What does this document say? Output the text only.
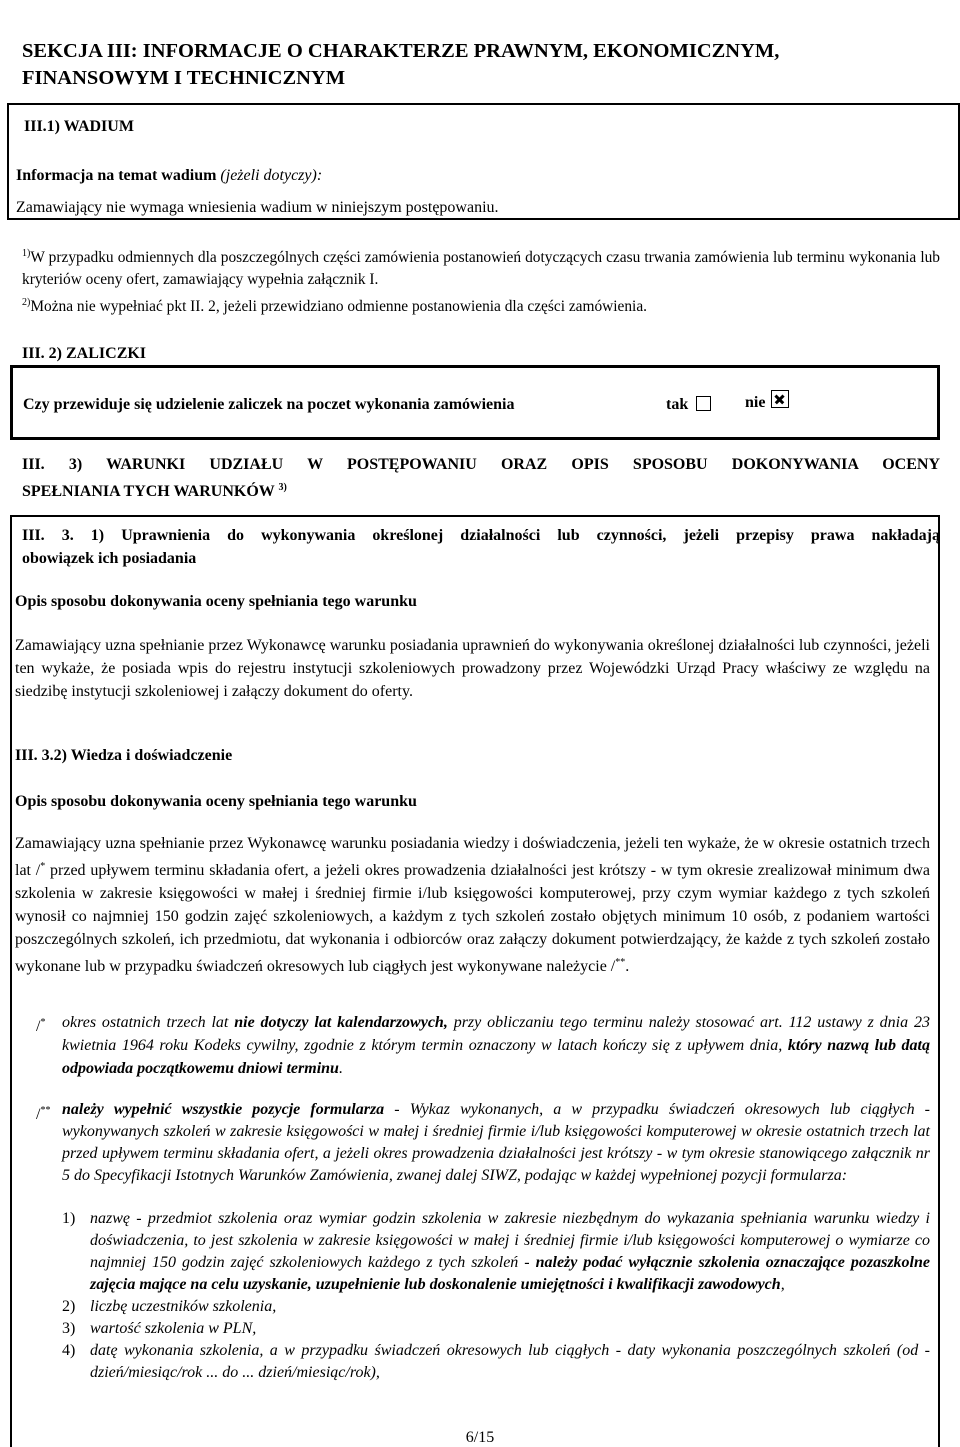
SEKCJA III: INFORMACJE O CHARAKTERZE PRAWNYM, EKONOMICZNYM,
FINANSOWYM I TECHNICZNYM
III.1) WADIUM
Informacja na temat wadium (jeżeli dotyczy):
Zamawiający nie wymaga wniesienia wadium w niniejszym postępowaniu.
$^{1)}$W przypadku odmiennych dla poszczególnych części zamówienia postanowień dotyczących czasu trwania zamówienia lub terminu wykonania lub kryteriów oceny ofert, zamawiający wypełnia załącznik I.
$^{2)}$Można nie wypełniać pkt II. 2, jeżeli przewidziano odmienne postanowienia dla części zamówienia.
III. 2) ZALICZKI
Czy przewiduje się udzielenie zaliczek na poczet wykonania zamówienia	tak	nie
III. 3) WARUNKI UDZIAŁU W POSTĘPOWANIU ORAZ OPIS SPOSOBU DOKONYWANIA OCENY
SPEŁNIANIA TYCH WARUNKÓW $^{3)}$
III. 3. 1) Uprawnienia do wykonywania określonej działalności lub czynności, jeżeli przepisy prawa nakładają
obowiązek ich posiadania
Opis sposobu dokonywania oceny spełniania tego warunku
Zamawiający uznа spełnianie przez Wykonawcę warunku posiadania uprawnień do wykonywania określonej działalności lub czynności, jeżeli ten wykaże, że posiada wpis do rejestru instytucji szkoleniowych prowadzony przez Wojewódzki Urząd Pracy właściwy ze względu na siedzibę instytucji szkoleniowej i załączy dokument do oferty.
III. 3.2) Wiedza i doświadczenie
Opis sposobu dokonywania oceny spełniania tego warunku
Zamawiający uzna spełnianie przez Wykonawcę warunku posiadania wiedzy i doświadczenia, jeżeli ten wykaże, że w okresie ostatnich trzech lat /* przed upływem terminu składania ofert, a jeżeli okres prowadzenia działalności jest krótszy - w tym okresie zrealizował minimum dwa szkolenia w zakresie księgowości w małej i średniej firmie i/lub księgowości komputerowej, przy czym wymiar każdego z tych szkoleń wynosił co najmniej 150 godzin zajęć szkoleniowych, a każdym z tych szkoleń zostało objętych minimum 10 osób, z podaniem wartości poszczególnych szkoleń, ich przedmiotu, dat wykonania i odbiorców oraz załączy dokument potwierdzający, że każde z tych szkoleń zostało wykonane lub w przypadku świadczeń okresowych lub ciągłych jest wykonywane należycie /**.
/* okres ostatnich trzech lat nie dotyczy lat kalendarzowych, przy obliczaniu tego terminu należy stosować art. 112 ustawy z dnia 23 kwietnia 1964 roku Kodeks cywilny, zgodnie z którym termin oznaczony w latach kończy się z upływem dnia, który nazwą lub datą odpowiada początkowemu dniowi terminu.
/** należy wypełnić wszystkie pozycje formularza - Wykaz wykonanych, a w przypadku świadczeń okresowych lub ciągłych - wykonywanych szkoleń w zakresie księgowości w małej i średniej firmie i/lub księgowości komputerowej w okresie ostatnich trzech lat przed upływem terminu składania ofert, a jeżeli okres prowadzenia działalności jest krótszy - w tym okresie stanowiącego załącznik nr 5 do Specyfikacji Istotnych Warunków Zamówienia, zwanej dalej SIWZ, podając w każdej wypełnionej pozycji formularza:
1) nazwę - przedmiot szkolenia oraz wymiar godzin szkolenia w zakresie niezbędnym do wykazania spełniania warunku wiedzy i doświadczenia, to jest szkolenia w zakresie księgowości w małej i średniej firmie i/lub księgowości komputerowej o wymiarze co najmniej 150 godzin zajęć szkoleniowych każdego z tych szkoleń - należy podać wyłącznie szkolenia oznaczające pozaszkolne zajęcia mające na celu uzyskanie, uzupełnienie lub doskonalenie umiejętności i kwalifikacji zawodowych,
2) liczbę uczestników szkolenia,
3) wartość szkolenia w PLN,
4) datę wykonania szkolenia, a w przypadku świadczeń okresowych lub ciągłych - daty wykonania poszczególnych szkoleń (od - dzień/miesiąc/rok ... do ... dzień/miesiąc/rok),
6/15
